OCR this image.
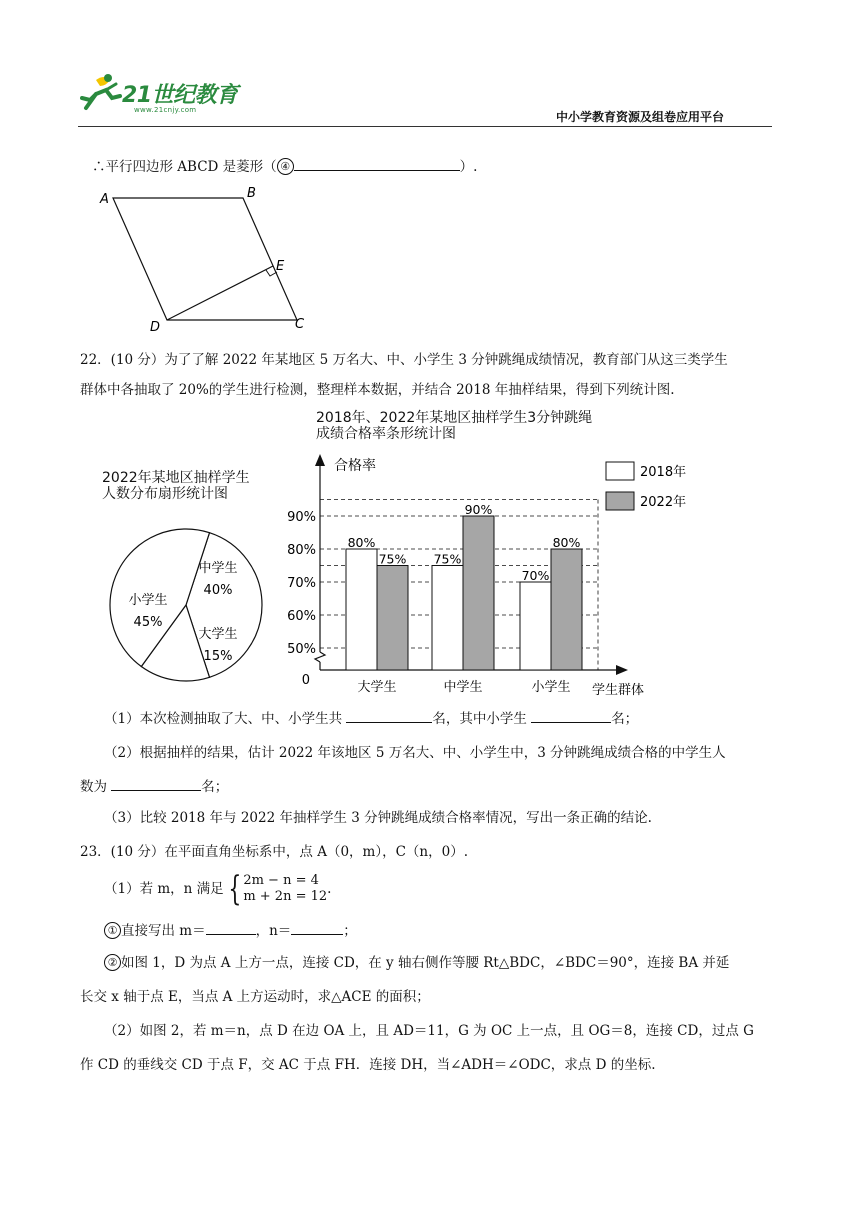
21世纪教育
www.21cnjy.com	中小学教育资源及组卷应用平台
∴平行四边形 ABCD 是菱形（ ④	）.
A	B
E
D	C
22．(10 分）为了了解 2022 年某地区 5 万名大、中、小学生 3 分钟跳绳成绩情况，教育部门从这三类学生
群体中各抽取了 20%的学生进行检测，整理样本数据，并结合 2018 年抽样结果，得到下列统计图.
2018年、2022年某地区抽样学生3分钟跳绳
成绩合格率条形统计图
2022年某地区抽样学生
人数分布扇形统计图
中学生
40%
大学生
15%
小学生
45%
合格率
0
学生群体
50%
60%
70%
80%
90%
80%
75%
大学生
75%
90%
中学生
70%
80%
小学生
2018年
2022年
（1）本次检测抽取了大、中、小学生共	名，其中小学生	名；
（2）根据抽样的结果，估计 2022 年该地区 5 万名大、中、小学生中，3 分钟跳绳成绩合格的中学生人
数为	名；
（3）比较 2018 年与 2022 年抽样学生 3 分钟跳绳成绩合格率情况，写出一条正确的结论.
23．(10 分）在平面直角坐标系中，点 A（0，m），C（n，0）.
（1）若 m，n 满足 { 2m − n = 4
m + 2n = 12 .
① 直接写出 m＝	，n＝	；
② 如图 1，D 为点 A 上方一点，连接 CD，在 y 轴右侧作等腰 Rt△BDC，∠BDC＝90°，连接 BA 并延
长交 x 轴于点 E，当点 A 上方运动时，求△ACE 的面积；
（2）如图 2，若 m＝n，点 D 在边 OA 上，且 AD＝11，G 为 OC 上一点，且 OG＝8，连接 CD，过点 G
作 CD 的垂线交 CD 于点 F，交 AC 于点 FH．连接 DH，当∠ADH＝∠ODC，求点 D 的坐标.
